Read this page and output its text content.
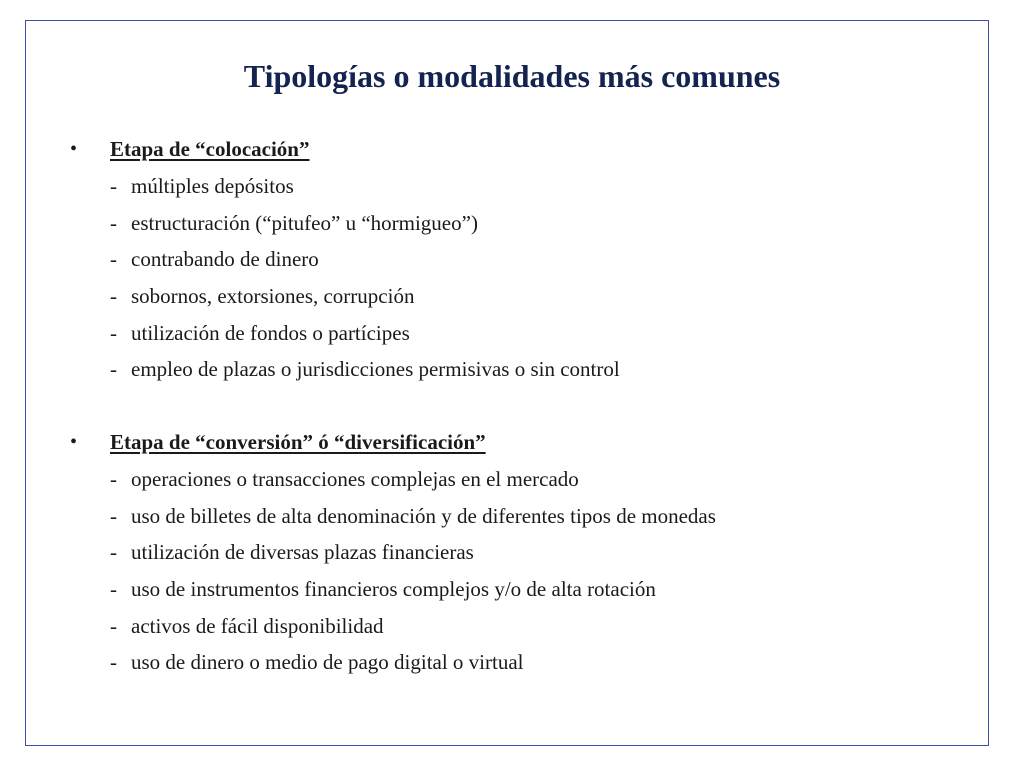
Tipologías o modalidades más comunes
• Etapa de “colocación”
- múltiples depósitos
- estructuración (“pitufeo” u “hormigueo”)
- contrabando de dinero
- sobornos, extorsiones, corrupción
- utilización de fondos o partícipes
- empleo de plazas o jurisdicciones permisivas o sin control
• Etapa de “conversión” ó “diversificación”
- operaciones o transacciones complejas en el mercado
- uso de billetes de alta denominación y de diferentes tipos de monedas
- utilización de diversas plazas financieras
- uso de instrumentos financieros complejos y/o de alta rotación
- activos de fácil disponibilidad
- uso de dinero o medio de pago digital o virtual
